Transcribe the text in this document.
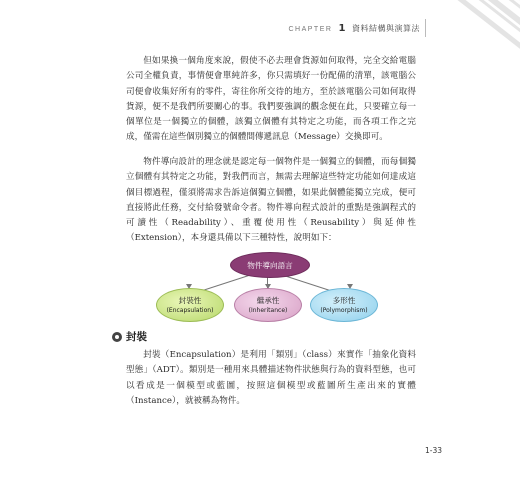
CHAPTER 1 資料結構與演算法

但如果換一個角度來說，假使不必去理會貨源如何取得，完全交給電腦公司全權負責，事情便會單純許多，你只需填好一份配備的清單，該電腦公司便會收集好所有的零件，寄往你所交待的地方，至於該電腦公司如何取得貨源，便不是我們所要關心的事。我們要強調的觀念便在此，只要確立每一個單位是一個獨立的個體，該獨立個體有其特定之功能，而各項工作之完成，僅需在這些個別獨立的個體間傳遞訊息（Message）交換即可。

物件導向設計的理念就是認定每一個物件是一個獨立的個體，而每個獨立個體有其特定之功能，對我們而言，無需去理解這些特定功能如何達成這個目標過程，僅須將需求告訴這個獨立個體，如果此個體能獨立完成，便可直接將此任務，交付給發號命令者。物件導向程式設計的重點是強調程式的可讀性（Readability）、重覆使用性（Reusability）與延伸性（Extension），本身還具備以下三種特性，說明如下：

物件導向語言
封裝性
(Encapsulation)
繼承性
(Inheritance)
多形性
(Polymorphism)
封裝

封裝（Encapsulation）是利用「類別」（class）來實作「抽象化資料型態」（ADT）。類別是一種用來具體描述物件狀態與行為的資料型態，也可以看成是一個模型或藍圖，按照這個模型或藍圖所生產出來的實體（Instance），就被稱為物件。

1-33
